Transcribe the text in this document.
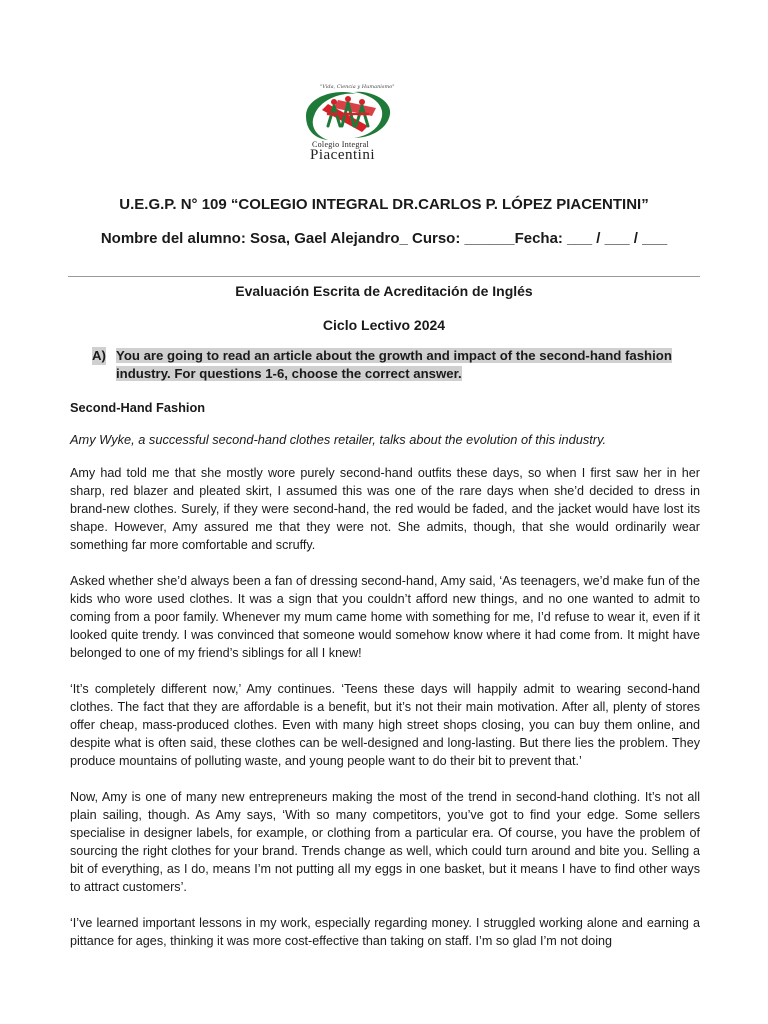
"Vida, Ciencia y Humanismo"
Colegio Integral
Piacentini
U.E.G.P. N° 109 “COLEGIO INTEGRAL DR.CARLOS P. LÓPEZ PIACENTINI”
Nombre del alumno: Sosa, Gael Alejandro_ Curso: ______Fecha: ___ / ___ / ___
Evaluación Escrita de Acreditación de Inglés
Ciclo Lectivo 2024
A) You are going to read an article about the growth and impact of the second-hand fashion industry. For questions 1-6, choose the correct answer.
Second-Hand Fashion
Amy Wyke, a successful second-hand clothes retailer, talks about the evolution of this industry.

Amy had told me that she mostly wore purely second-hand outfits these days, so when I first saw her in her sharp, red blazer and pleated skirt, I assumed this was one of the rare days when she’d decided to dress in brand-new clothes. Surely, if they were second-hand, the red would be faded, and the jacket would have lost its shape. However, Amy assured me that they were not. She admits, though, that she would ordinarily wear something far more comfortable and scruffy.

Asked whether she’d always been a fan of dressing second-hand, Amy said, ‘As teenagers, we’d make fun of the kids who wore used clothes. It was a sign that you couldn’t afford new things, and no one wanted to admit to coming from a poor family. Whenever my mum came home with something for me, I’d refuse to wear it, even if it looked quite trendy. I was convinced that someone would somehow know where it had come from. It might have belonged to one of my friend’s siblings for all I knew!

‘It’s completely different now,’ Amy continues. ‘Teens these days will happily admit to wearing second-hand clothes. The fact that they are affordable is a benefit, but it’s not their main motivation. After all, plenty of stores offer cheap, mass-produced clothes. Even with many high street shops closing, you can buy them online, and despite what is often said, these clothes can be well-designed and long-lasting. But there lies the problem. They produce mountains of polluting waste, and young people want to do their bit to prevent that.’

Now, Amy is one of many new entrepreneurs making the most of the trend in second-hand clothing. It’s not all plain sailing, though. As Amy says, ‘With so many competitors, you’ve got to find your edge. Some sellers specialise in designer labels, for example, or clothing from a particular era. Of course, you have the problem of sourcing the right clothes for your brand. Trends change as well, which could turn around and bite you. Selling a bit of everything, as I do, means I’m not putting all my eggs in one basket, but it means I have to find other ways to attract customers’.

‘I’ve learned important lessons in my work, especially regarding money. I struggled working alone and earning a pittance for ages, thinking it was more cost-effective than taking on staff. I’m so glad I’m not doing
